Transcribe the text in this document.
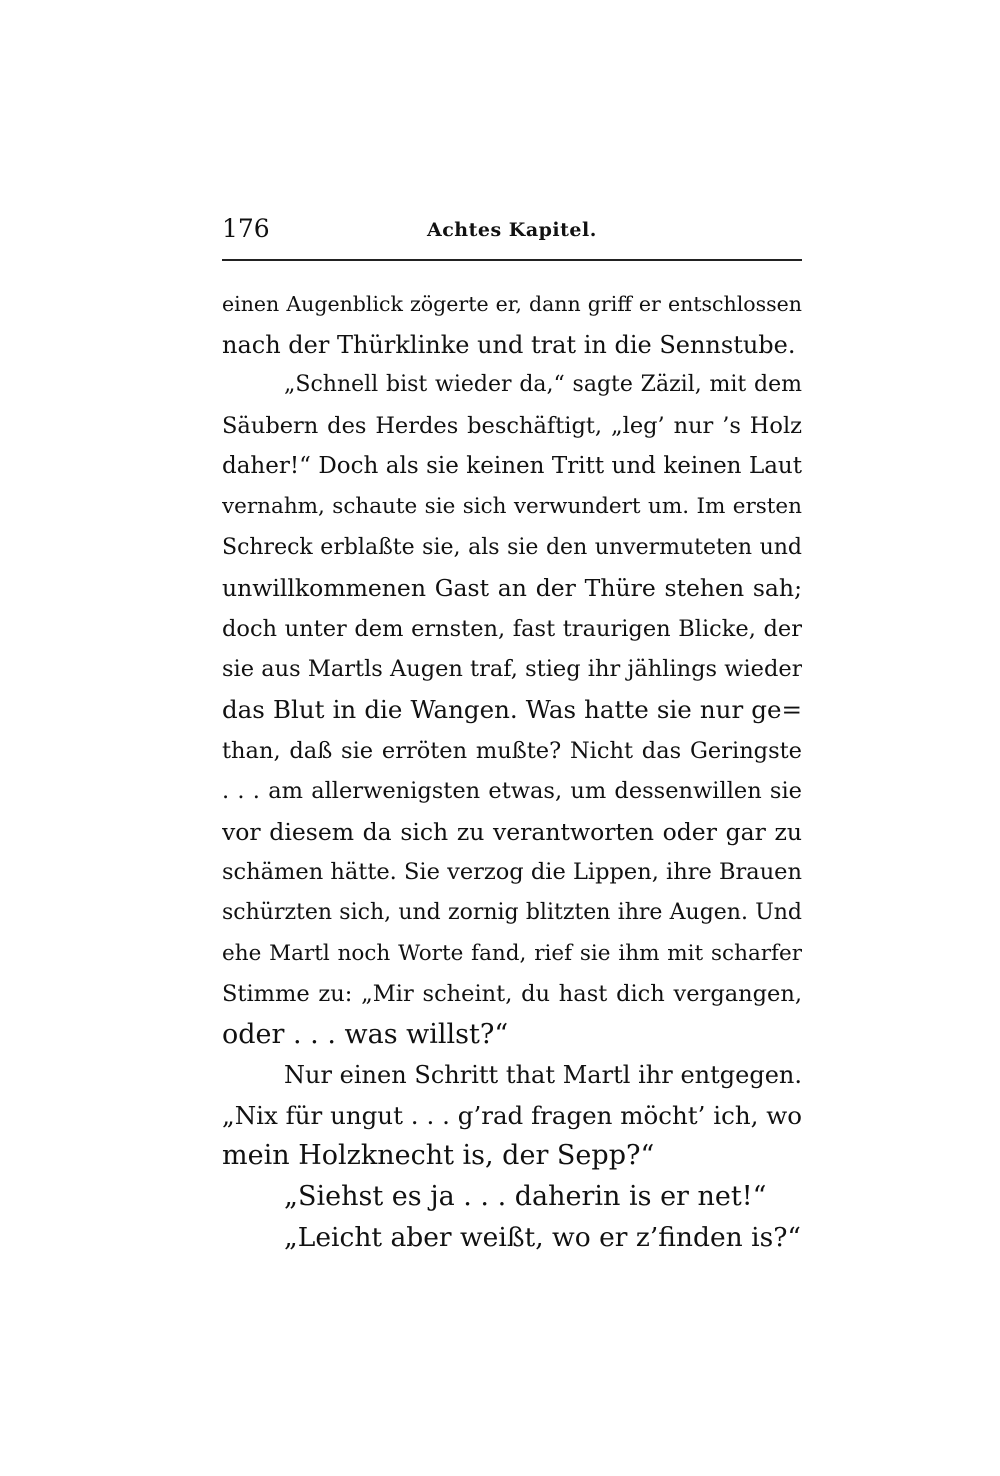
176	Achtes Kapitel.
einen Augenblick zögerte er, dann griff er entschlossen
nach der Thürklinke und trat in die Sennstube.
„Schnell bist wieder da,“ sagte Zäzil, mit dem
Säubern des Herdes beschäftigt, „leg’ nur ’s Holz
daher!“ Doch als sie keinen Tritt und keinen Laut
vernahm, schaute sie sich verwundert um. Im ersten
Schreck erblaßte sie, als sie den unvermuteten und
unwillkommenen Gast an der Thüre stehen sah;
doch unter dem ernsten, fast traurigen Blicke, der
sie aus Martls Augen traf, stieg ihr jählings wieder
das Blut in die Wangen. Was hatte sie nur ge=
than, daß sie erröten mußte? Nicht das Geringste
. . . am allerwenigsten etwas, um dessenwillen sie
vor diesem da sich zu verantworten oder gar zu
schämen hätte. Sie verzog die Lippen, ihre Brauen
schürzten sich, und zornig blitzten ihre Augen. Und
ehe Martl noch Worte fand, rief sie ihm mit scharfer
Stimme zu: „Mir scheint, du hast dich vergangen,
oder . . . was willst?“
Nur einen Schritt that Martl ihr entgegen.
„Nix für ungut . . . g’rad fragen möcht’ ich, wo
mein Holzknecht is, der Sepp?“
„Siehst es ja . . . daherin is er net!“
„Leicht aber weißt, wo er z’finden is?“
